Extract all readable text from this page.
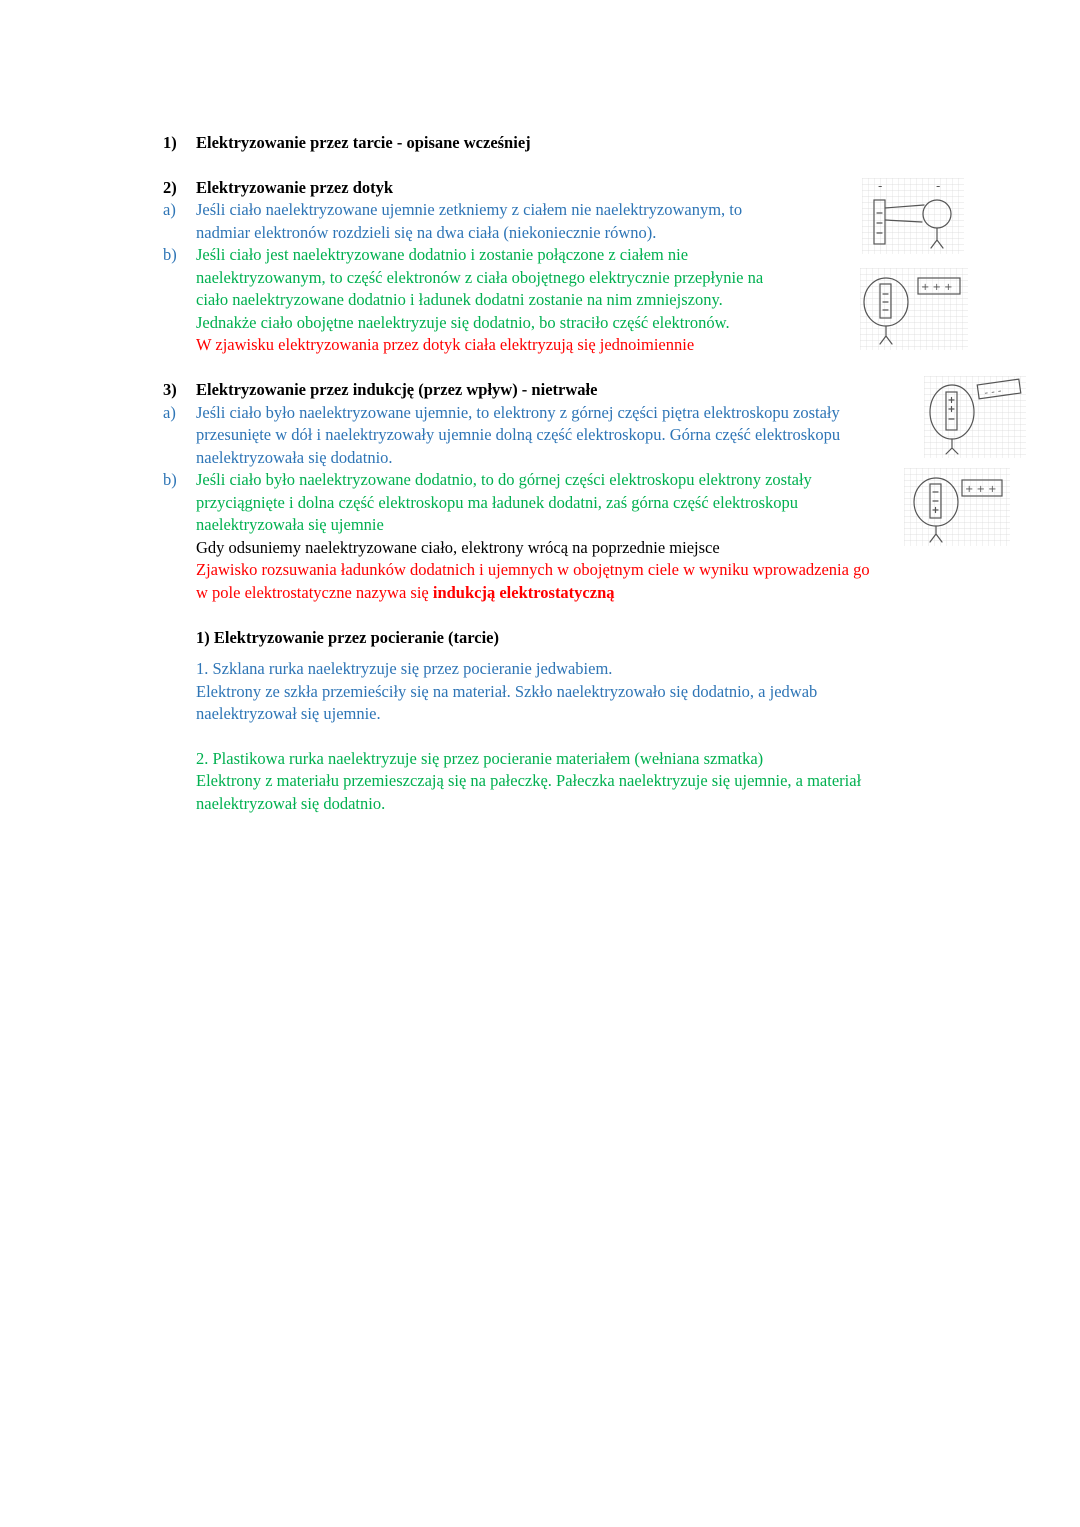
1) Elektryzowanie przez tarcie - opisane wcześniej
2) Elektryzowanie przez dotyk
a) Jeśli ciało naelektryzowane ujemnie zetkniemy z ciałem nie naelektryzowanym, to
nadmiar elektronów rozdzieli się na dwa ciała (niekoniecznie równo).
b) Jeśli ciało jest naelektryzowane dodatnio i zostanie połączone z ciałem nie
naelektryzowanym, to część elektronów z ciała obojętnego elektrycznie przepłynie na
ciało naelektryzowane dodatnio i ładunek dodatni zostanie na nim zmniejszony.
Jednakże ciało obojętne naelektryzuje się dodatnio, bo straciło część elektronów.
W zjawisku elektryzowania przez dotyk ciała elektryzują się jednoimiennie
3) Elektryzowanie przez indukcję (przez wpływ) - nietrwałe
a) Jeśli ciało było naelektryzowane ujemnie, to elektrony z górnej części piętra elektroskopu zostały
przesunięte w dół i naelektryzowały ujemnie dolną część elektroskopu. Górna część elektroskopu
naelektryzowała się dodatnio.
b) Jeśli ciało było naelektryzowane dodatnio, to do górnej części elektroskopu elektrony zostały
przyciągnięte i dolna część elektroskopu ma ładunek dodatni, zaś górna część elektroskopu
naelektryzowała się ujemnie
Gdy odsuniemy naelektryzowane ciało, elektrony wrócą na poprzednie miejsce
Zjawisko rozsuwania ładunków dodatnich i ujemnych w obojętnym ciele w wyniku wprowadzenia go
w pole elektrostatyczne nazywa się indukcją elektrostatyczną
1) Elektryzowanie przez pocieranie (tarcie)
1. Szklana rurka naelektryzuje się przez pocieranie jedwabiem.
Elektrony ze szkła przemieściły się na materiał. Szkło naelektryzowało się dodatnio, a jedwab
naelektryzował się ujemnie.
2. Plastikowa rurka naelektryzuje się przez pocieranie materiałem (wełniana szmatka)
Elektrony z materiału przemieszczają się na pałeczkę. Pałeczka naelektryzuje się ujemnie, a materiał
naelektryzował się dodatnio.
-	-
+ + +
- - -
+ + +
